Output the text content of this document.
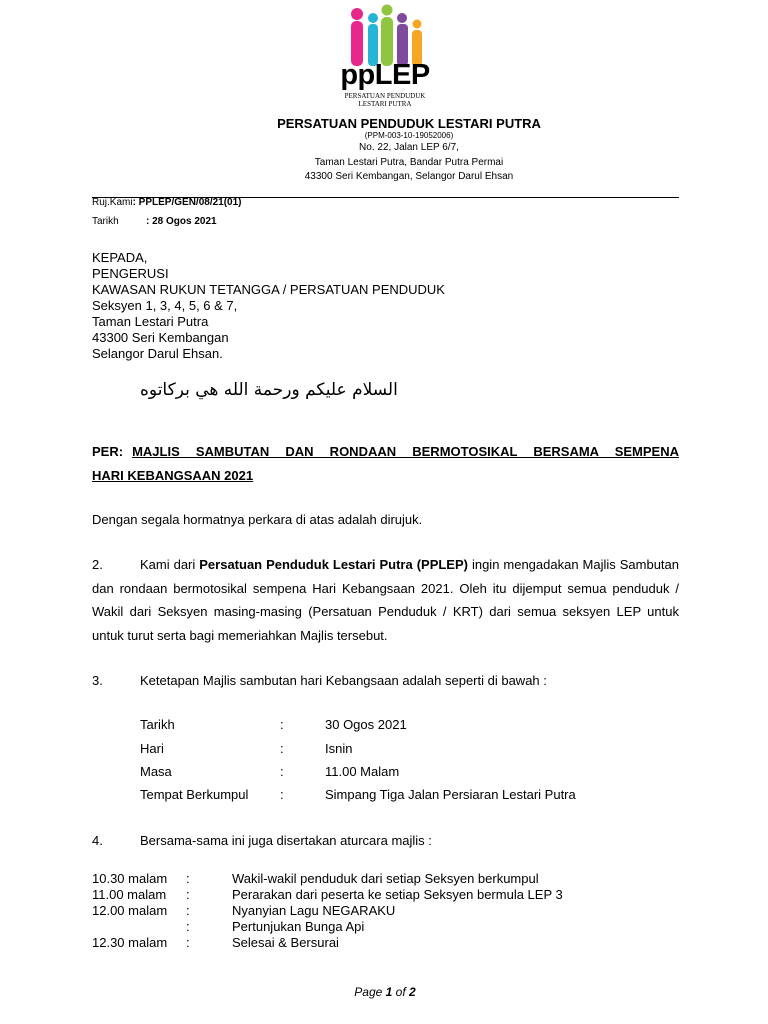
ppLEP
PERSATUAN PENDUDUK
LESTARI PUTRA
PERSATUAN PENDUDUK LESTARI PUTRA
(PPM-003-10-19052006)
No. 22, Jalan LEP 6/7,
Taman Lestari Putra, Bandar Putra Permai
43300 Seri Kembangan, Selangor Darul Ehsan
Ruj.Kami: PPLEP/GEN/08/21(01)
Tarikh	: 28 Ogos 2021
KEPADA,
PENGERUSI
KAWASAN RUKUN TETANGGA / PERSATUAN PENDUDUK
Seksyen 1, 3, 4, 5, 6 & 7,
Taman Lestari Putra
43300 Seri Kembangan
Selangor Darul Ehsan.
السلام عليكم ورحمة الله هي بركاتوه
PER: MAJLIS SAMBUTAN DAN RONDAAN BERMOTOSIKAL BERSAMA SEMPENA
HARI KEBANGSAAN 2021
Dengan segala hormatnya perkara di atas adalah dirujuk.
2.	Kami dari Persatuan Penduduk Lestari Putra (PPLEP) ingin mengadakan Majlis Sambutan dan rondaan bermotosikal sempena Hari Kebangsaan 2021. Oleh itu dijemput semua penduduk / Wakil dari Seksyen masing-masing (Persatuan Penduduk / KRT) dari semua seksyen LEP untuk untuk turut serta bagi memeriahkan Majlis tersebut.
3.	Ketetapan Majlis sambutan hari Kebangsaan adalah seperti di bawah :
Tarikh	:	30 Ogos 2021
Hari	:	Isnin
Masa	:	11.00 Malam
Tempat Berkumpul :	Simpang Tiga Jalan Persiaran Lestari Putra
4.	Bersama-sama ini juga disertakan aturcara majlis :
10.30 malam :	Wakil-wakil penduduk dari setiap Seksyen berkumpul
11.00 malam :	Perarakan dari peserta ke setiap Seksyen bermula LEP 3
12.00 malam :	Nyanyian Lagu NEGARAKU
:	Pertunjukan Bunga Api
12.30 malam :	Selesai & Bersurai
Page 1 of 2
